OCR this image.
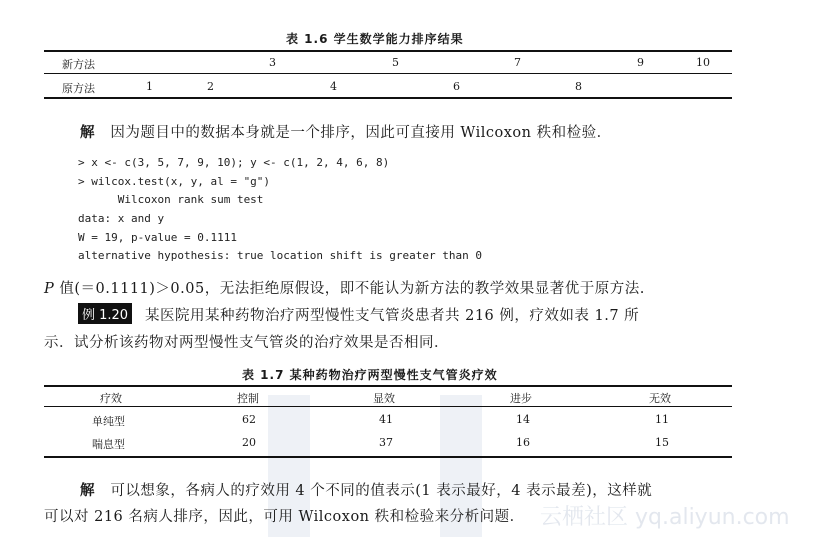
表 1.6 学生数学能力排序结果
新方法	3	5	7	9	10
原方法	1	2	4	6	8
解 因为题目中的数据本身就是一个排序，因此可直接用 Wilcoxon 秩和检验．
> x <- c(3, 5, 7, 9, 10); y <- c(1, 2, 4, 6, 8)
> wilcox.test(x, y, al = "g")
Wilcoxon rank sum test
data: x and y
W = 19, p-value = 0.1111
alternative hypothesis: true location shift is greater than 0
P 值(＝0.1111)＞0.05，无法拒绝原假设，即不能认为新方法的教学效果显著优于原方法.
例 1.20 某医院用某种药物治疗两型慢性支气管炎患者共 216 例，疗效如表 1.7 所
示．试分析该药物对两型慢性支气管炎的治疗效果是否相同．
表 1.7 某种药物治疗两型慢性支气管炎疗效
疗效	控制	显效	进步	无效
单纯型	62	41	14	11
喘息型	20	37	16	15
解 可以想象，各病人的疗效用 4 个不同的值表示(1 表示最好，4 表示最差)，这样就
可以对 216 名病人排序，因此，可用 Wilcoxon 秩和检验来分析问题． 云栖社区 yq.aliyun.com
